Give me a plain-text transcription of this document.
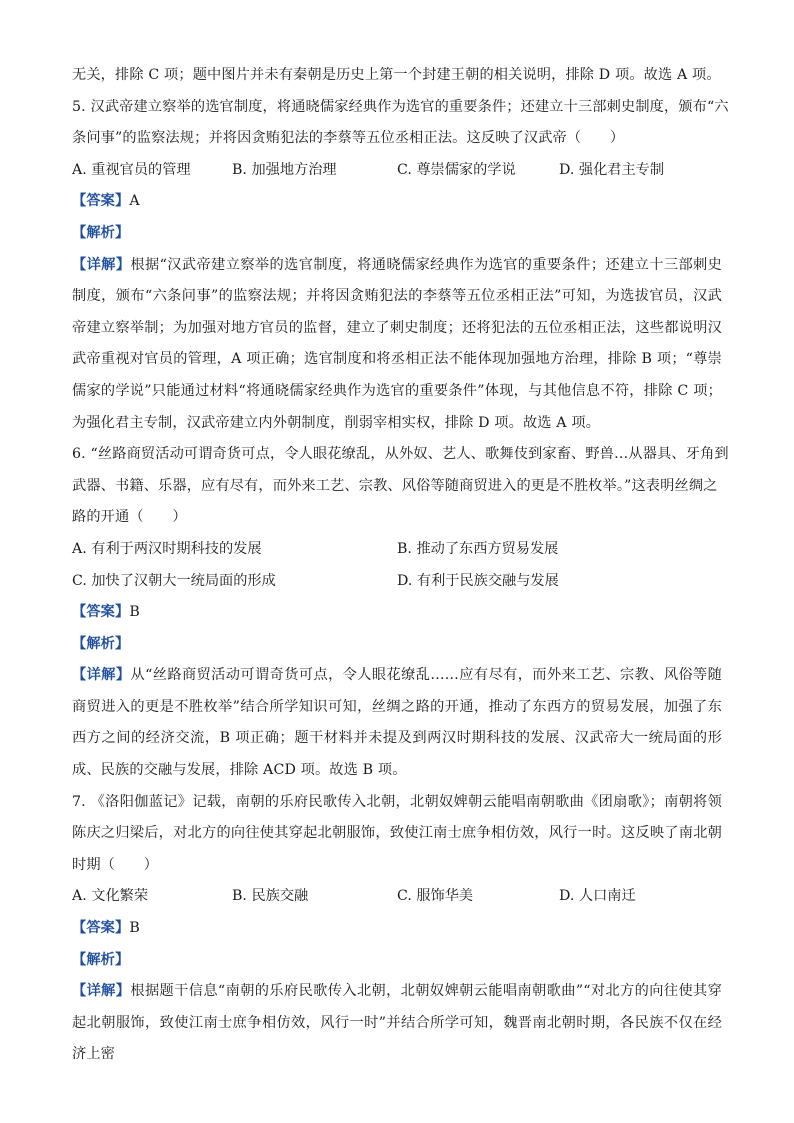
无关，排除 C 项；题中图片并未有秦朝是历史上第一个封建王朝的相关说明，排除 D 项。故选 A 项。
5. 汉武帝建立察举的选官制度，将通晓儒家经典作为选官的重要条件；还建立十三部刺史制度，颁布“六
条问事”的监察法规；并将因贪贿犯法的李蔡等五位丞相正法。这反映了汉武帝（　　）
A. 重视官员的管理	B. 加强地方治理	C. 尊崇儒家的学说	D. 强化君主专制
【答案】A
【解析】
【详解】根据“汉武帝建立察举的选官制度，将通晓儒家经典作为选官的重要条件；还建立十三部刺史制度，颁布“六条问事”的监察法规；并将因贪贿犯法的李蔡等五位丞相正法”可知，为选拔官员，汉武帝建立察举制；为加强对地方官员的监督，建立了刺史制度；还将犯法的五位丞相正法，这些都说明汉武帝重视对官员的管理，A 项正确；选官制度和将丞相正法不能体现加强地方治理，排除 B 项；“尊崇儒家的学说”只能通过材料“将通晓儒家经典作为选官的重要条件”体现，与其他信息不符，排除 C 项；为强化君主专制，汉武帝建立内外朝制度，削弱宰相实权，排除 D 项。故选 A 项。
6. “丝路商贸活动可谓奇货可点，令人眼花缭乱，从外奴、艺人、歌舞伎到家畜、野兽…从器具、牙角到
武器、书籍、乐器，应有尽有，而外来工艺、宗教、风俗等随商贸进入的更是不胜枚举。”这表明丝绸之
路的开通（　　）
A. 有利于两汉时期科技的发展	B. 推动了东西方贸易发展
C. 加快了汉朝大一统局面的形成	D. 有利于民族交融与发展
【答案】B
【解析】
【详解】从“丝路商贸活动可谓奇货可点，令人眼花缭乱……应有尽有，而外来工艺、宗教、风俗等随商贸进入的更是不胜枚举”结合所学知识可知，丝绸之路的开通，推动了东西方的贸易发展，加强了东西方之间的经济交流，B 项正确；题干材料并未提及到两汉时期科技的发展、汉武帝大一统局面的形成、民族的交融与发展，排除 ACD 项。故选 B 项。
7. 《洛阳伽蓝记》记载，南朝的乐府民歌传入北朝，北朝奴婢朝云能唱南朝歌曲《团扇歌》；南朝将领陈庆之归梁后，对北方的向往使其穿起北朝服饰，致使江南士庶争相仿效，风行一时。这反映了南北朝时期（　　）
A. 文化繁荣	B. 民族交融	C. 服饰华美	D. 人口南迁
【答案】B
【解析】
【详解】根据题干信息“南朝的乐府民歌传入北朝，北朝奴婢朝云能唱南朝歌曲”“对北方的向往使其穿起北朝服饰，致使江南士庶争相仿效，风行一时”并结合所学可知，魏晋南北朝时期，各民族不仅在经济上密
